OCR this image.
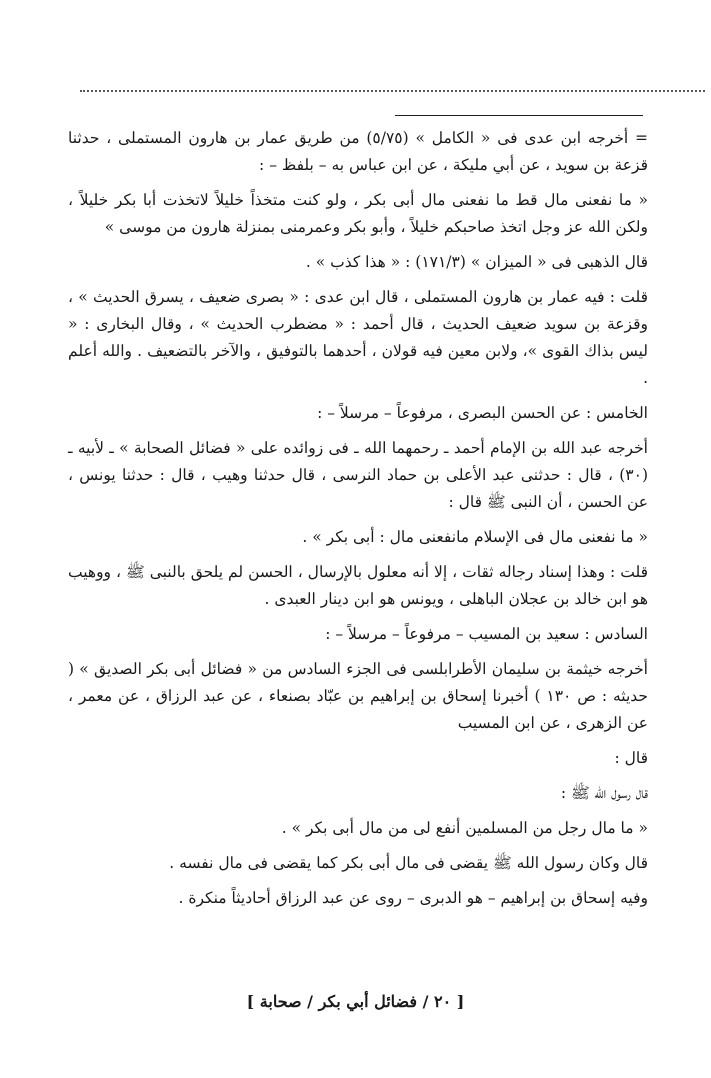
= أخرجه ابن عدى فى « الكامل » (٥/٧٥) من طريق عمار بن هارون المستملى ، حدثنا قزعة بن سويد ، عن أبي مليكة ، عن ابن عباس به – بلفظ – :

« ما نفعنى مال قط ما نفعنى مال أبى بكر ، ولو كنت متخذاً خليلاً لاتخذت أبا بكر خليلاً ، ولكن الله عز وجل اتخذ صاحبكم خليلاً ، وأبو بكر وعمرمنى بمنزلة هارون من موسى »

قال الذهبى فى « الميزان » (١٧١/٣) : « هذا كذب » .

قلت : فيه عمار بن هارون المستملى ، قال ابن عدى : « بصرى ضعيف ، يسرق الحديث » ، وقزعة بن سويد ضعيف الحديث ، قال أحمد : « مضطرب الحديث » ، وقال البخارى : « ليس بذاك القوى »، ولابن معين فيه قولان ، أحدهما بالتوفيق ، والآخر بالتضعيف . والله أعلم .

الخامس : عن الحسن البصرى ، مرفوعاً – مرسلاً – :

أخرجه عبد الله بن الإمام أحمد ـ رحمهما الله ـ فى زوائده على « فضائل الصحابة » ـ لأبيه ـ (٣٠) ، قال : حدثنى عبد الأعلى بن حماد النرسى ، قال حدثنا وهيب ، قال : حدثنا يونس ، عن الحسن ، أن النبى ﷺ قال :

« ما نفعنى مال فى الإسلام مانفعنى مال : أبى بكر » .

قلت : وهذا إسناد رجاله ثقات ، إلا أنه معلول بالإرسال ، الحسن لم يلحق بالنبى ﷺ ، ووهيب هو ابن خالد بن عجلان الباهلى ، ويونس هو ابن دينار العبدى .

السادس : سعيد بن المسيب – مرفوعاً – مرسلاً – :

أخرجه خيثمة بن سليمان الأطرابلسى فى الجزء السادس من « فضائل أبى بكر الصديق » ( حديثه : ص ١٣٠ ) أخبرنا إسحاق بن إبراهيم بن عبّاد بصنعاء ، عن عبد الرزاق ، عن معمر ، عن الزهرى ، عن ابن المسيب

قال :

قال رسول الله ﷺ :

« ما مال رجل من المسلمين أنفع لى من مال أبى بكر » .

قال وكان رسول الله ﷺ يقضى فى مال أبى بكر كما يقضى فى مال نفسه .

وفيه إسحاق بن إبراهيم – هو الدبرى – روى عن عبد الرزاق أحاديثاً منكرة .

[ ٢٠ / فضائل أبي بكر / صحابة ]
